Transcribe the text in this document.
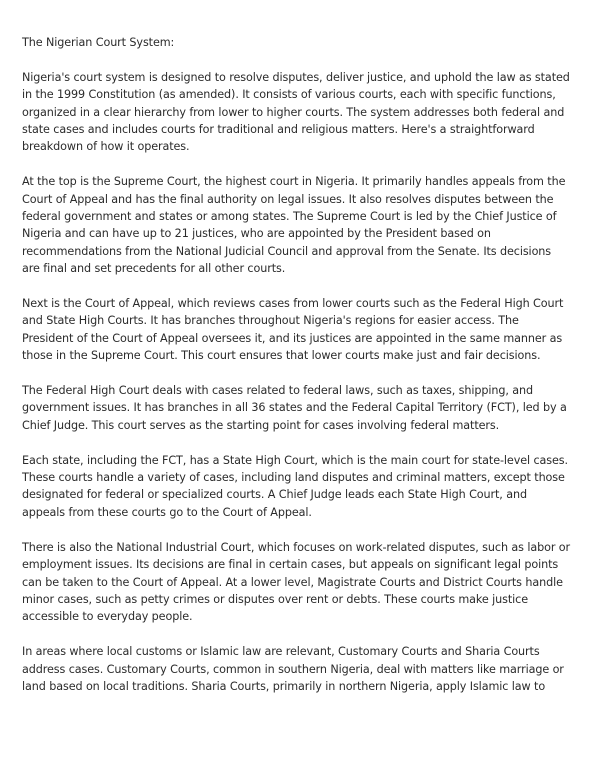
The Nigerian Court System:

Nigeria's court system is designed to resolve disputes, deliver justice, and uphold the law as stated in the 1999 Constitution (as amended). It consists of various courts, each with specific functions, organized in a clear hierarchy from lower to higher courts. The system addresses both federal and state cases and includes courts for traditional and religious matters. Here's a straightforward breakdown of how it operates.

At the top is the Supreme Court, the highest court in Nigeria. It primarily handles appeals from the Court of Appeal and has the final authority on legal issues. It also resolves disputes between the federal government and states or among states. The Supreme Court is led by the Chief Justice of Nigeria and can have up to 21 justices, who are appointed by the President based on recommendations from the National Judicial Council and approval from the Senate. Its decisions are final and set precedents for all other courts.

Next is the Court of Appeal, which reviews cases from lower courts such as the Federal High Court and State High Courts. It has branches throughout Nigeria's regions for easier access. The President of the Court of Appeal oversees it, and its justices are appointed in the same manner as those in the Supreme Court. This court ensures that lower courts make just and fair decisions.

The Federal High Court deals with cases related to federal laws, such as taxes, shipping, and government issues. It has branches in all 36 states and the Federal Capital Territory (FCT), led by a Chief Judge. This court serves as the starting point for cases involving federal matters.

Each state, including the FCT, has a State High Court, which is the main court for state-level cases. These courts handle a variety of cases, including land disputes and criminal matters, except those designated for federal or specialized courts. A Chief Judge leads each State High Court, and appeals from these courts go to the Court of Appeal.

There is also the National Industrial Court, which focuses on work-related disputes, such as labor or employment issues. Its decisions are final in certain cases, but appeals on significant legal points can be taken to the Court of Appeal. At a lower level, Magistrate Courts and District Courts handle minor cases, such as petty crimes or disputes over rent or debts. These courts make justice accessible to everyday people.

In areas where local customs or Islamic law are relevant, Customary Courts and Sharia Courts address cases. Customary Courts, common in southern Nigeria, deal with matters like marriage or land based on local traditions. Sharia Courts, primarily in northern Nigeria, apply Islamic law to
